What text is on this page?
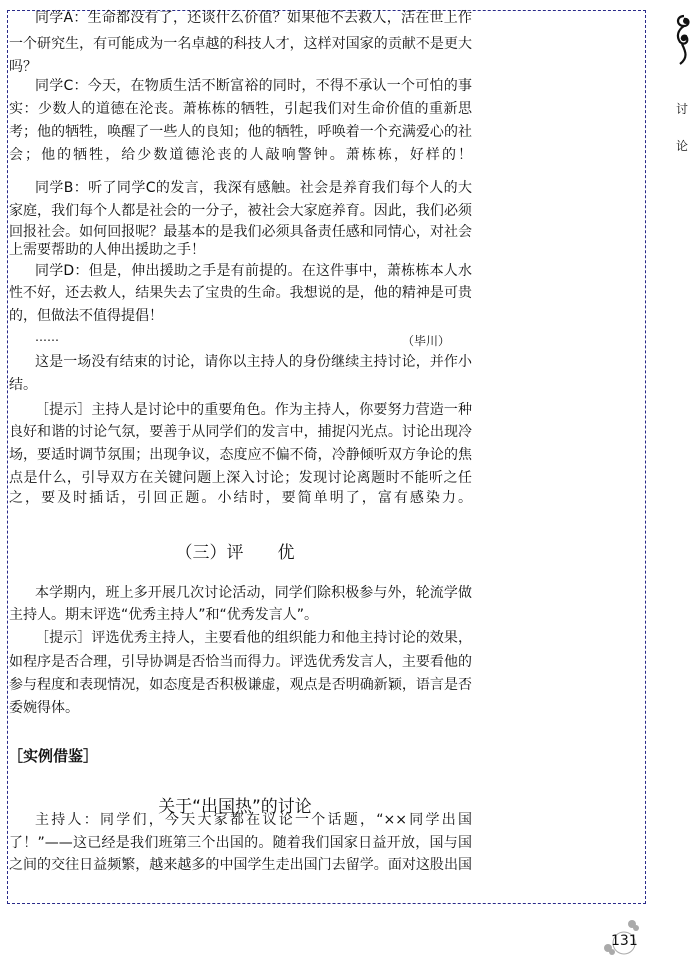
同学A：生命都没有了，还谈什么价值？如果他不去救人，活在世上作
一个研究生，有可能成为一名卓越的科技人才，这样对国家的贡献不是更大
吗？
同学C：今天，在物质生活不断富裕的同时，不得不承认一个可怕的事
实：少数人的道德在沦丧。萧栋栋的牺牲，引起我们对生命价值的重新思
考；他的牺牲，唤醒了一些人的良知；他的牺牲，呼唤着一个充满爱心的社
会；他的牺牲，给少数道德沦丧的人敲响警钟。萧栋栋，好样的！
同学B：听了同学C的发言，我深有感触。社会是养育我们每个人的大
家庭，我们每个人都是社会的一分子，被社会大家庭养育。因此，我们必须
回报社会。如何回报呢？最基本的是我们必须具备责任感和同情心，对社会
上需要帮助的人伸出援助之手！
同学D：但是，伸出援助之手是有前提的。在这件事中，萧栋栋本人水
性不好，还去救人，结果失去了宝贵的生命。我想说的是，他的精神是可贵
的，但做法不值得提倡！
这是一场没有结束的讨论，请你以主持人的身份继续主持讨论，并作小
结。
［提示］主持人是讨论中的重要角色。作为主持人，你要努力营造一种
良好和谐的讨论气氛，要善于从同学们的发言中，捕捉闪光点。讨论出现冷
场，要适时调节氛围；出现争议，态度应不偏不倚，冷静倾听双方争论的焦
点是什么，引导双方在关键问题上深入讨论；发现讨论离题时不能听之任
之，要及时插话，引回正题。小结时，要简单明了，富有感染力。
本学期内，班上多开展几次讨论活动，同学们除积极参与外，轮流学做
主持人。期末评选“优秀主持人”和“优秀发言人”。
［提示］评选优秀主持人，主要看他的组织能力和他主持讨论的效果，
如程序是否合理，引导协调是否恰当而得力。评选优秀发言人，主要看他的
参与程度和表现情况，如态度是否积极谦虚，观点是否明确新颖，语言是否
委婉得体。
主持人：同学们，今天大家都在议论一个话题，“××同学出国
了！”——这已经是我们班第三个出国的。随着我们国家日益开放，国与国
之间的交往日益频繁，越来越多的中国学生走出国门去留学。面对这股出国
……	（毕川）
（三）评　　优
［实例借鉴］
关于“出国热”的讨论
讨
论
131
